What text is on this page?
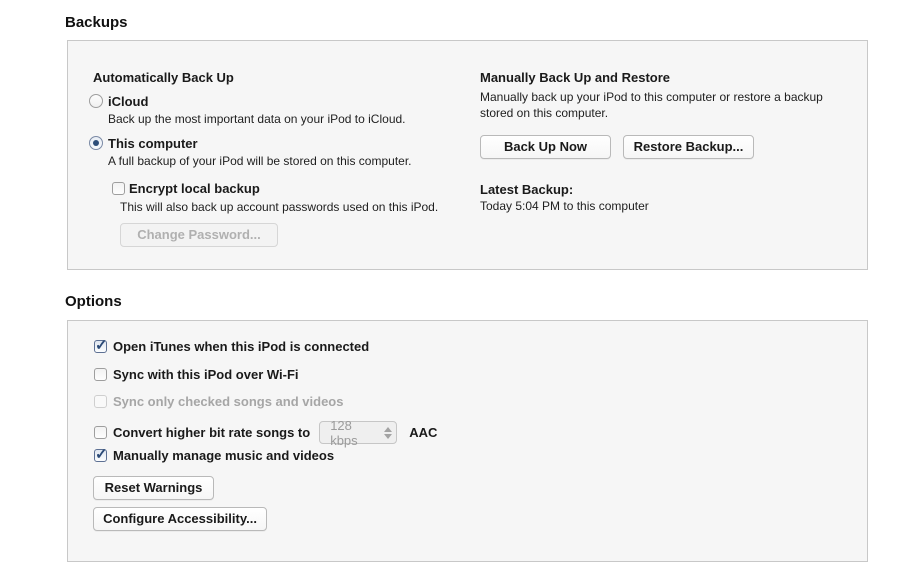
Backups
Automatically Back Up
iCloud
Back up the most important data on your iPod to iCloud.
This computer
A full backup of your iPod will be stored on this computer.
Encrypt local backup
This will also back up account passwords used on this iPod.
Change Password...
Manually Back Up and Restore
Manually back up your iPod to this computer or restore a backup stored on this computer.
Back Up Now	Restore Backup...
Latest Backup:
Today 5:04 PM to this computer
Options
✓ Open iTunes when this iPod is connected
Sync with this iPod over Wi-Fi
Sync only checked songs and videos
Convert higher bit rate songs to 128 kbps	AAC
✓ Manually manage music and videos
Reset Warnings
Configure Accessibility...
